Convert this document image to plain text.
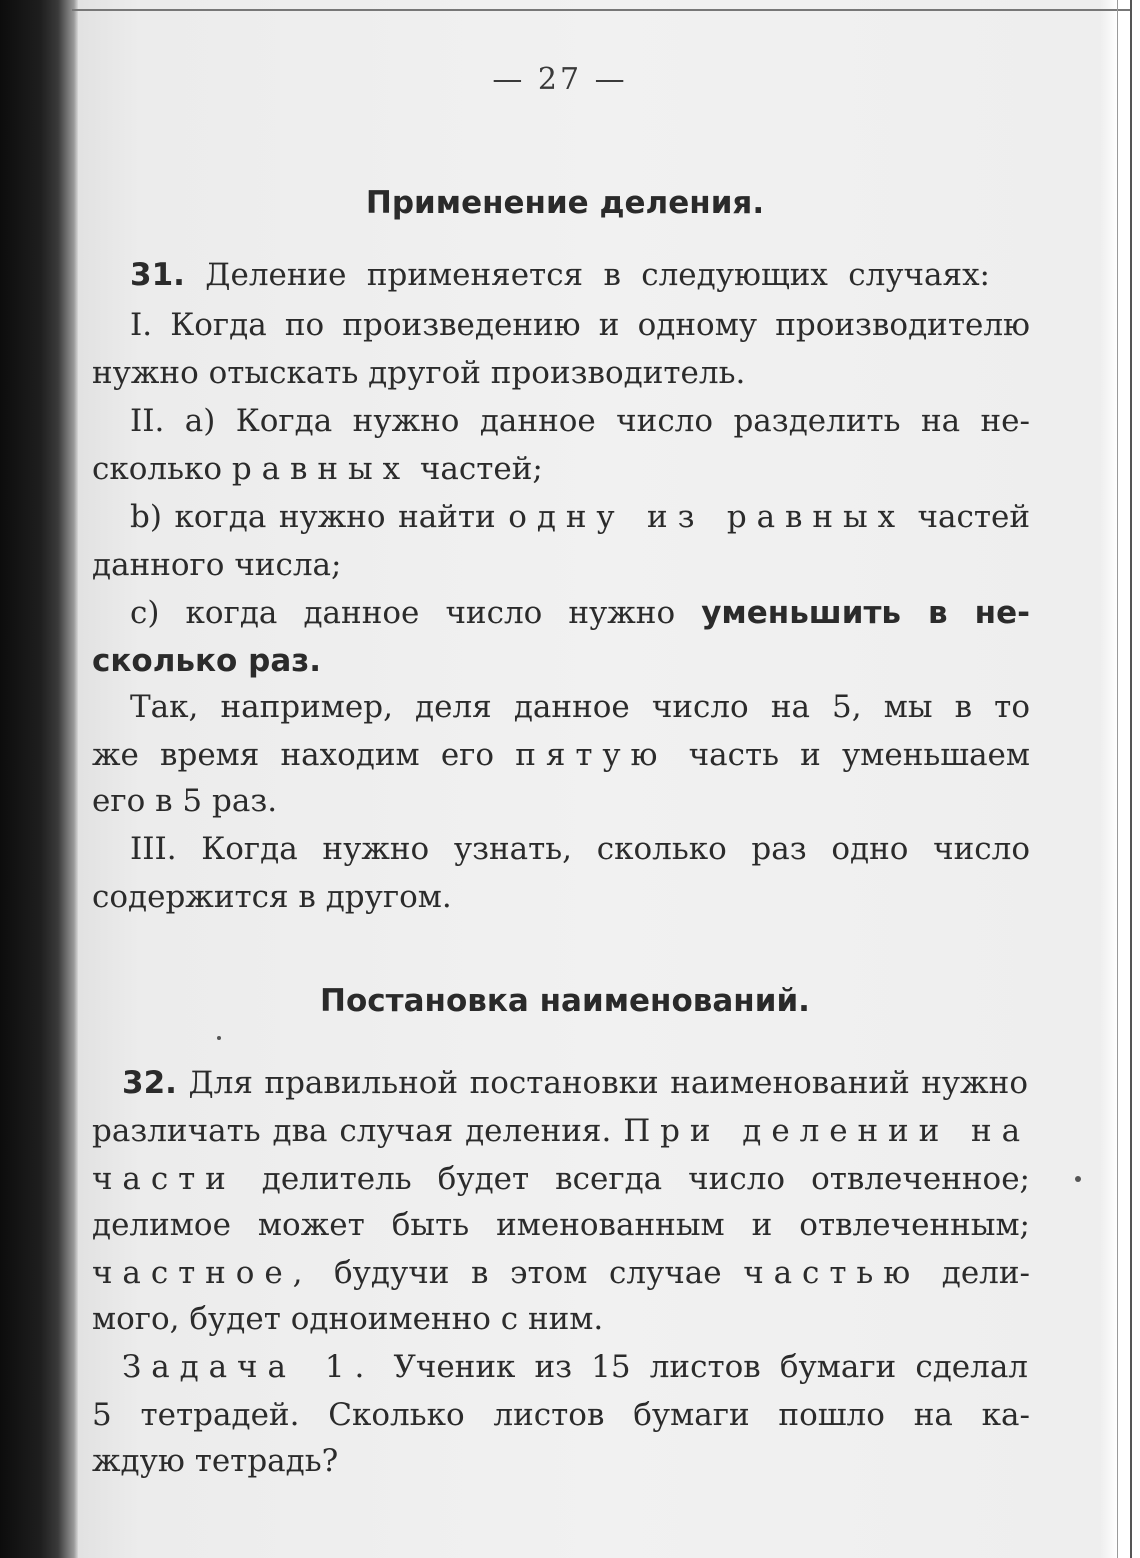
— 27 —
Применение деления.
31. Деление применяется в следующих случаях:
I. Когда по произведению и одному производителю
нужно отыскать другой производитель.
II. a) Когда нужно данное число разделить на не-
сколько равных частей;
b) когда нужно найти одну из равных частей
данного числа;
c) когда данное число нужно уменьшить в не-
сколько раз.
Так, например, деля данное число на 5, мы в то
же время находим его пятую часть и уменьшаем
его в 5 раз.
III. Когда нужно узнать, сколько раз одно число
содержится в другом.
Постановка наименований.
32. Для правильной постановки наименований нужно
различать два случая деления. При делении на
части делитель будет всегда число отвлеченное;
делимое может быть именованным и отвлеченным;
частное, будучи в этом случае частью дели-
мого, будет одноименно с ним.
Задача 1. Ученик из 15 листов бумаги сделал
5 тетрадей. Сколько листов бумаги пошло на ка-
ждую тетрадь?
